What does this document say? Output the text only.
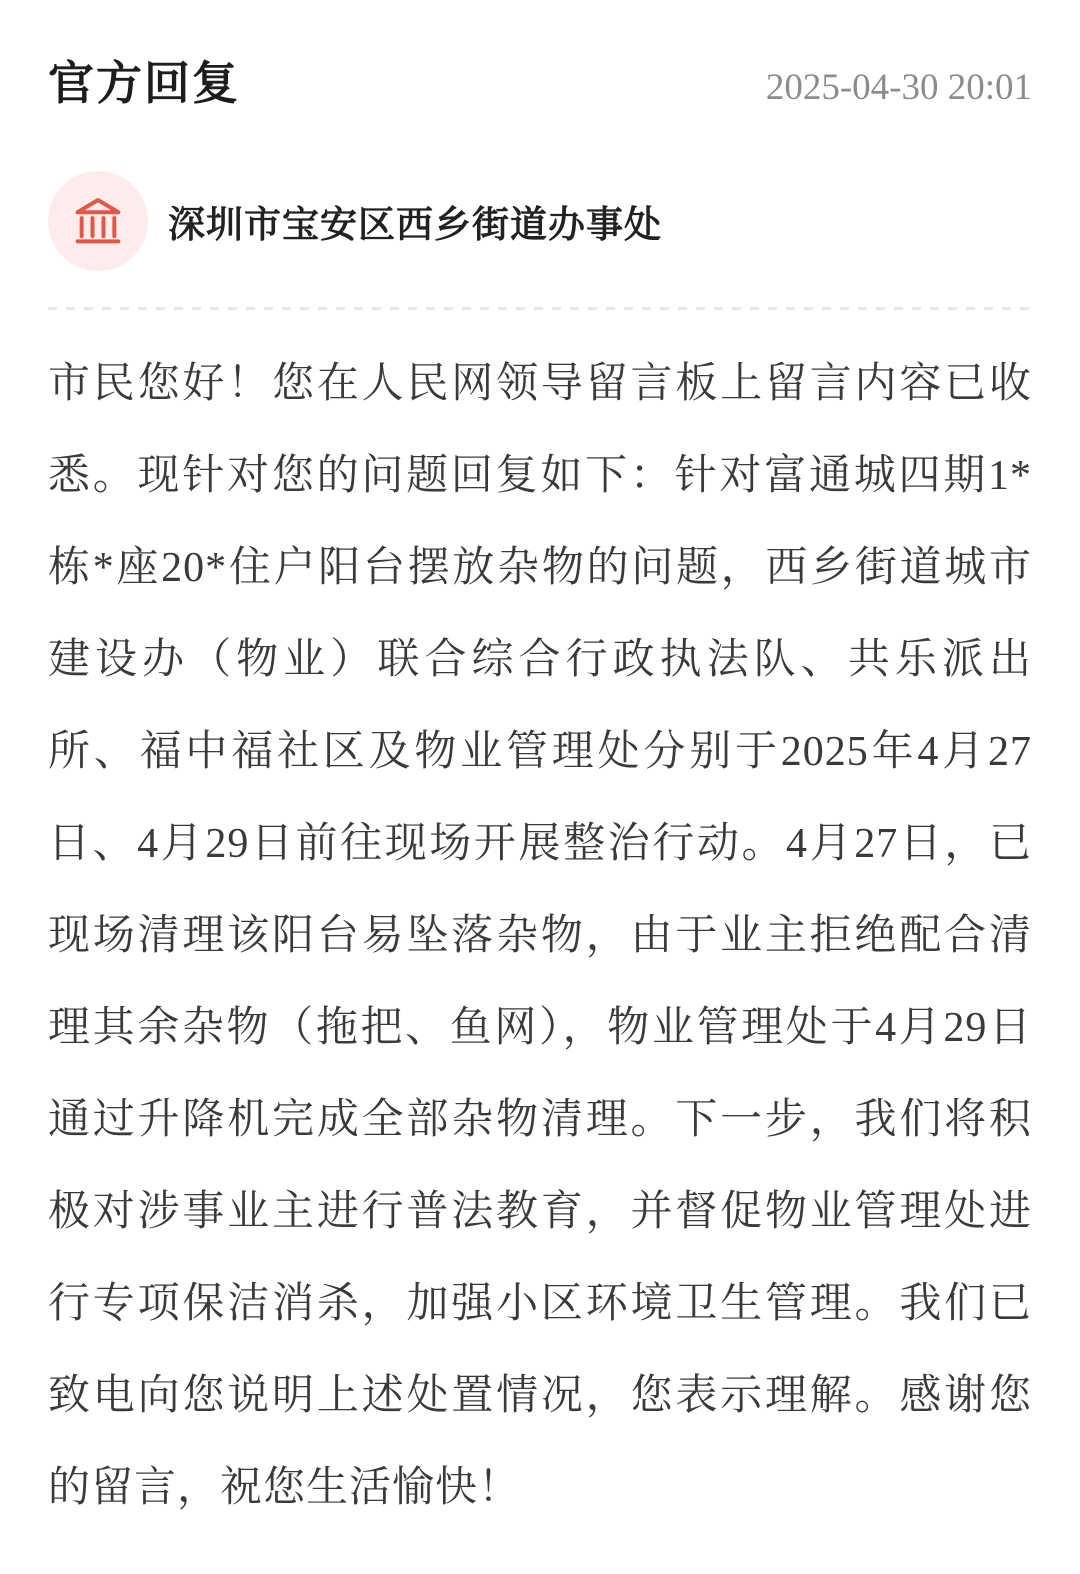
官方回复	2025-04-30 20:01
深圳市宝安区西乡街道办事处

市民您好！您在人民网领导留言板上留言内容已收悉。现针对您的问题回复如下：针对富通城四期1*栋*座20*住户阳台摆放杂物的问题，西乡街道城市建设办（物业）联合综合行政执法队、共乐派出所、福中福社区及物业管理处分别于2025年4月27日、4月29日前往现场开展整治行动。4月27日，已现场清理该阳台易坠落杂物，由于业主拒绝配合清理其余杂物（拖把、鱼网），物业管理处于4月29日通过升降机完成全部杂物清理。下一步，我们将积极对涉事业主进行普法教育，并督促物业管理处进行专项保洁消杀，加强小区环境卫生管理。我们已致电向您说明上述处置情况，您表示理解。感谢您的留言，祝您生活愉快！
